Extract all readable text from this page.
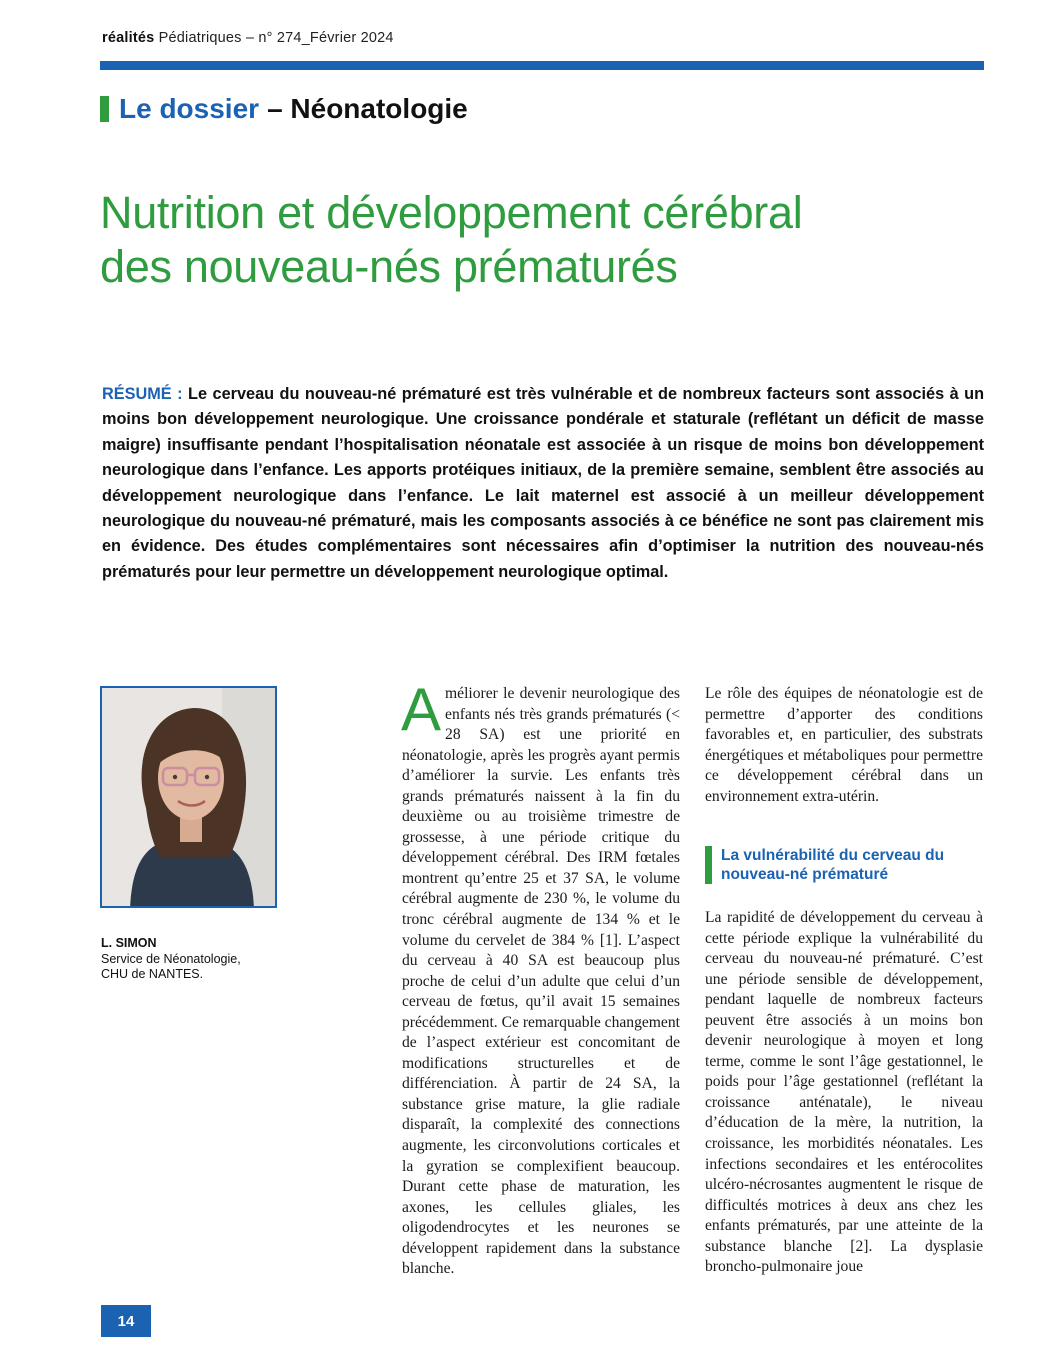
réalités Pédiatriques – n° 274_Février 2024
Le dossier – Néonatologie
Nutrition et développement cérébral
des nouveau-nés prématurés

RÉSUMÉ : Le cerveau du nouveau-né prématuré est très vulnérable et de nombreux facteurs sont associés à un moins bon développement neurologique. Une croissance pondérale et staturale (reflétant un déficit de masse maigre) insuffisante pendant l’hospitalisation néonatale est associée à un risque de moins bon développement neurologique dans l’enfance. Les apports protéiques initiaux, de la première semaine, semblent être associés au développement neurologique dans l’enfance. Le lait maternel est associé à un meilleur développement neurologique du nouveau-né prématuré, mais les composants associés à ce bénéfice ne sont pas clairement mis en évidence. Des études complémentaires sont nécessaires afin d’optimiser la nutrition des nouveau-nés prématurés pour leur permettre un développement neurologique optimal.

L. SIMON
Service de Néonatologie,
CHU de NANTES.
A méliorer le devenir neurologique des enfants nés très grands prématurés (< 28 SA) est une priorité en néonatologie, après les progrès ayant permis d’améliorer la survie. Les enfants très grands prématurés naissent à la fin du deuxième ou au troisième trimestre de grossesse, à une période critique du développement cérébral. Des IRM fœtales montrent qu’entre 25 et 37 SA, le volume cérébral augmente de 230 %, le volume du tronc cérébral augmente de 134 % et le volume du cervelet de 384 % [1]. L’aspect du cerveau à 40 SA est beaucoup plus proche de celui d’un adulte que celui d’un cerveau de fœtus, qu’il avait 15 semaines précédemment. Ce remarquable changement de l’aspect extérieur est concomitant de modifications structurelles et de différenciation. À partir de 24 SA, la substance grise mature, la glie radiale disparaît, la complexité des connections augmente, les circonvolutions corticales et la gyration se complexifient beaucoup. Durant cette phase de maturation, les axones, les cellules gliales, les oligodendrocytes et les neurones se développent rapidement dans la substance blanche.
Le rôle des équipes de néonatologie est de permettre d’apporter des conditions favorables et, en particulier, des substrats énergétiques et métaboliques pour permettre ce développement cérébral dans un environnement extra-utérin.
La vulnérabilité du cerveau du nouveau-né prématuré
La rapidité de développement du cerveau à cette période explique la vulnérabilité du cerveau du nouveau-né prématuré. C’est une période sensible de développement, pendant laquelle de nombreux facteurs peuvent être associés à un moins bon devenir neurologique à moyen et long terme, comme le sont l’âge gestationnel, le poids pour l’âge gestationnel (reflétant la croissance anténatale), le niveau d’éducation de la mère, la nutrition, la croissance, les morbidités néonatales. Les infections secondaires et les entérocolites ulcéro-nécrosantes augmentent le risque de difficultés motrices à deux ans chez les enfants prématurés, par une atteinte de la substance blanche [2]. La dysplasie broncho-pulmonaire joue
14
